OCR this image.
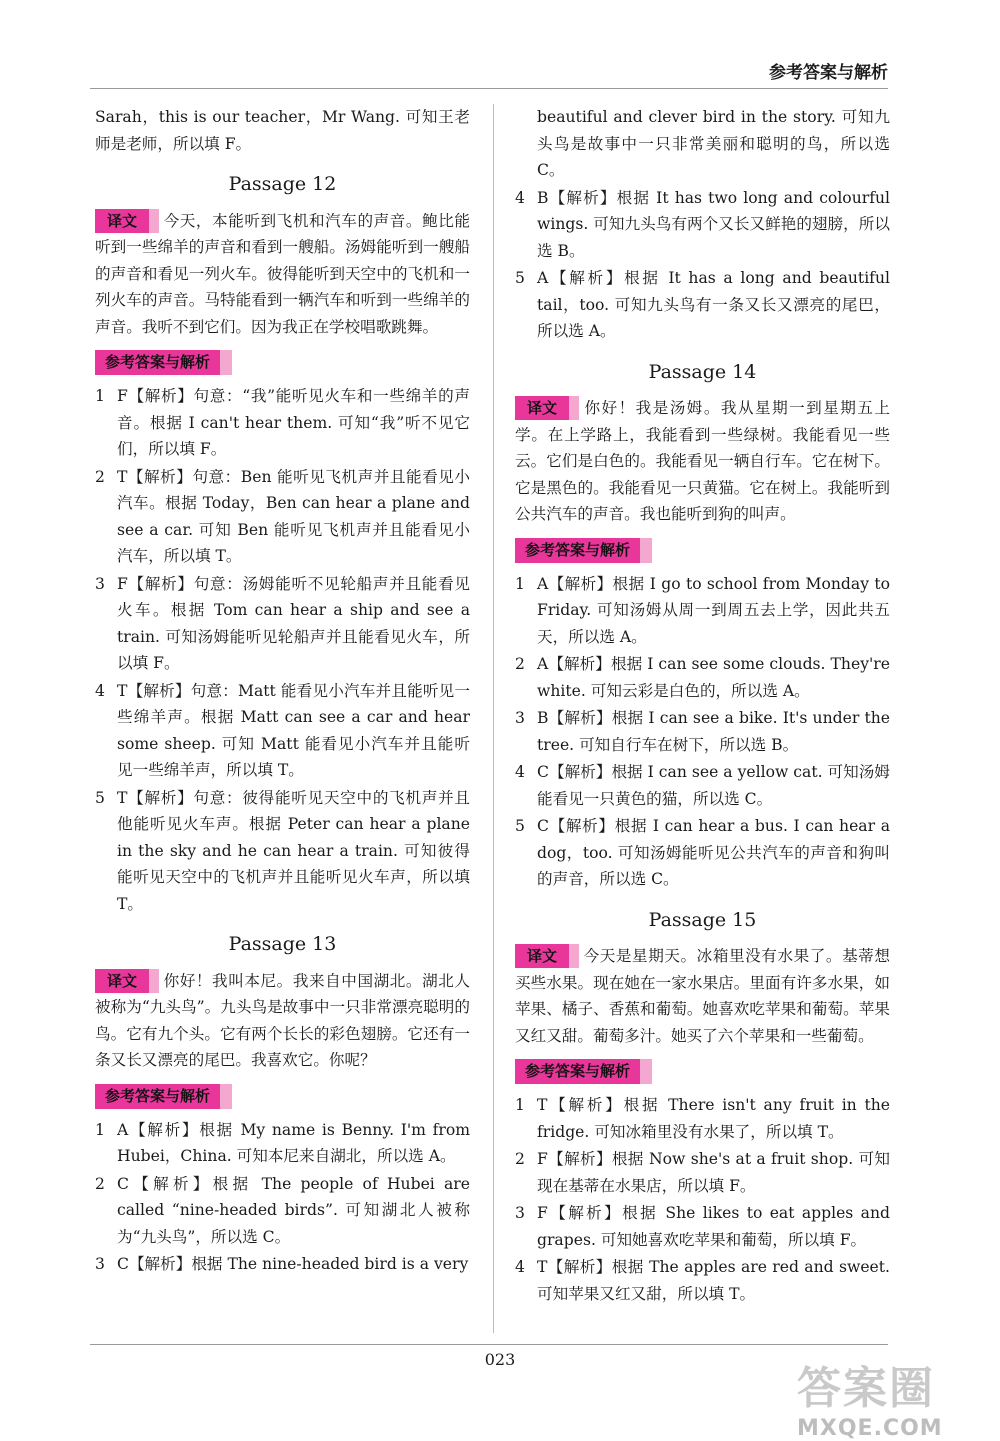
参考答案与解析

Sarah，this is our teacher，Mr Wang. 可知王老师是老师，所以填 F。

Passage 12

译文 今天，本能听到飞机和汽车的声音。鲍比能听到一些绵羊的声音和看到一艘船。汤姆能听到一艘船的声音和看见一列火车。彼得能听到天空中的飞机和一列火车的声音。马特能看到一辆汽车和听到一些绵羊的声音。我听不到它们。因为我正在学校唱歌跳舞。

参考答案与解析
1 F【解析】句意：“我”能听见火车和一些绵羊的声音。根据 I can't hear them. 可知“我”听不见它们，所以填 F。
2 T【解析】句意：Ben 能听见飞机声并且能看见小汽车。根据 Today，Ben can hear a plane and see a car. 可知 Ben 能听见飞机声并且能看见小汽车，所以填 T。
3 F【解析】句意：汤姆能听不见轮船声并且能看见火车。根据 Tom can hear a ship and see a train. 可知汤姆能听见轮船声并且能看见火车，所以填 F。
4 T【解析】句意：Matt 能看见小汽车并且能听见一些绵羊声。根据 Matt can see a car and hear some sheep. 可知 Matt 能看见小汽车并且能听见一些绵羊声，所以填 T。
5 T【解析】句意：彼得能听见天空中的飞机声并且他能听见火车声。根据 Peter can hear a plane in the sky and he can hear a train. 可知彼得能听见天空中的飞机声并且能听见火车声，所以填 T。
Passage 13

译文 你好！我叫本尼。我来自中国湖北。湖北人被称为“九头鸟”。九头鸟是故事中一只非常漂亮聪明的鸟。它有九个头。它有两个长长的彩色翅膀。它还有一条又长又漂亮的尾巴。我喜欢它。你呢？

参考答案与解析
1 A【解析】根据 My name is Benny. I'm from Hubei，China. 可知本尼来自湖北，所以选 A。
2 C【解析】根据 The people of Hubei are called “nine-headed birds”. 可知湖北人被称为“九头鸟”，所以选 C。
3 C【解析】根据 The nine-headed bird is a very
beautiful and clever bird in the story. 可知九头鸟是故事中一只非常美丽和聪明的鸟，所以选 C。
4 B【解析】根据 It has two long and colourful wings. 可知九头鸟有两个又长又鲜艳的翅膀，所以选 B。
5 A【解析】根据 It has a long and beautiful tail，too. 可知九头鸟有一条又长又漂亮的尾巴，所以选 A。
Passage 14

译文 你好！我是汤姆。我从星期一到星期五上学。在上学路上，我能看到一些绿树。我能看见一些云。它们是白色的。我能看见一辆自行车。它在树下。它是黑色的。我能看见一只黄猫。它在树上。我能听到公共汽车的声音。我也能听到狗的叫声。

参考答案与解析
1 A【解析】根据 I go to school from Monday to Friday. 可知汤姆从周一到周五去上学，因此共五天，所以选 A。
2 A【解析】根据 I can see some clouds. They're white. 可知云彩是白色的，所以选 A。
3 B【解析】根据 I can see a bike. It's under the tree. 可知自行车在树下，所以选 B。
4 C【解析】根据 I can see a yellow cat. 可知汤姆能看见一只黄色的猫，所以选 C。
5 C【解析】根据 I can hear a bus. I can hear a dog，too. 可知汤姆能听见公共汽车的声音和狗叫的声音，所以选 C。
Passage 15

译文 今天是星期天。冰箱里没有水果了。基蒂想买些水果。现在她在一家水果店。里面有许多水果，如苹果、橘子、香蕉和葡萄。她喜欢吃苹果和葡萄。苹果又红又甜。葡萄多汁。她买了六个苹果和一些葡萄。

参考答案与解析
1 T【解析】根据 There isn't any fruit in the fridge. 可知冰箱里没有水果了，所以填 T。
2 F【解析】根据 Now she's at a fruit shop. 可知现在基蒂在水果店，所以填 F。
3 F【解析】根据 She likes to eat apples and grapes. 可知她喜欢吃苹果和葡萄，所以填 F。
4 T【解析】根据 The apples are red and sweet. 可知苹果又红又甜，所以填 T。
023
答案圈
MXQE.COM
